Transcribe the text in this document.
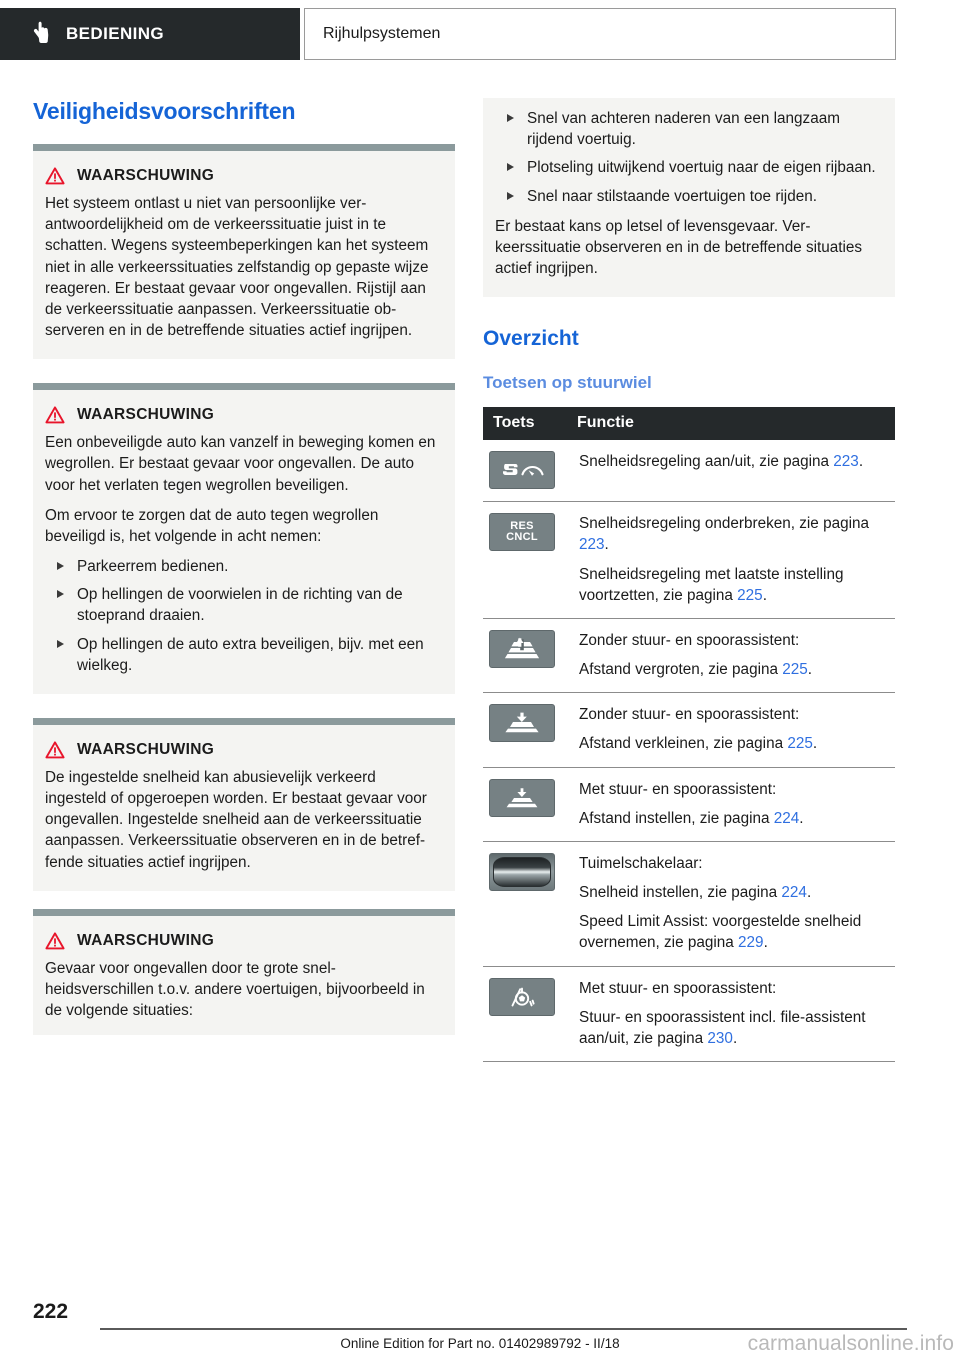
BEDIENING	Rijhulpsystemen
Veiligheidsvoorschriften
WAARSCHUWING

Het systeem ontlast u niet van persoonlijke verantwoordelijkheid om de verkeerssituatie juist in te schatten. Wegens systeembeperkingen kan het systeem niet in alle verkeerssituaties zelfstandig op gepaste wijze reageren. Er bestaat gevaar voor ongevallen. Rijstijl aan de verkeerssituatie aanpassen. Verkeerssituatie observeren en in de betreffende situaties actief ingrijpen.

WAARSCHUWING

Een onbeveiligde auto kan vanzelf in beweging komen en wegrollen. Er bestaat gevaar voor ongevallen. De auto voor het verlaten tegen wegrollen beveiligen.

Om ervoor te zorgen dat de auto tegen wegrollen beveiligd is, het volgende in acht nemen:

Parkeerrem bedienen.
Op hellingen de voorwielen in de richting van de stoeprand draaien.
Op hellingen de auto extra beveiligen, bijv. met een wielkeg.
WAARSCHUWING

De ingestelde snelheid kan abusievelijk verkeerd ingesteld of opgeroepen worden. Er bestaat gevaar voor ongevallen. Ingestelde snelheid aan de verkeerssituatie aanpassen. Verkeerssituatie observeren en in de betreffende situaties actief ingrijpen.

WAARSCHUWING

Gevaar voor ongevallen door te grote snelheidsverschillen t.o.v. andere voertuigen, bijvoorbeeld in de volgende situaties:

Snel van achteren naderen van een langzaam rijdend voertuig.
Plotseling uitwijkend voertuig naar de eigen rijbaan.
Snel naar stilstaande voertuigen toe rijden.

Er bestaat kans op letsel of levensgevaar. Verkeerssituatie observeren en in de betreffende situaties actief ingrijpen.

Overzicht
Toetsen op stuurwiel
Toets	Functie

Snelheidsregeling aan/uit, zie pagina 223.

RES
CNCL

Snelheidsregeling onderbreken, zie pagina 223.
Snelheidsregeling met laatste instelling voortzetten, zie pagina 225.

Zonder stuur- en spoorassistent:
Afstand vergroten, zie pagina 225.

Zonder stuur- en spoorassistent:
Afstand verkleinen, zie pagina 225.

Met stuur- en spoorassistent:
Afstand instellen, zie pagina 224.

	Tuimelschakelaar:
Snelheid instellen, zie pagina 224.
Speed Limit Assist: voorgestelde snelheid overnemen, zie pagina 229.

Met stuur- en spoorassistent:
Stuur- en spoorassistent incl. file-assistent aan/uit, zie pagina 230.
222
Online Edition for Part no. 01402989792 - II/18	carmanualsonline.info
